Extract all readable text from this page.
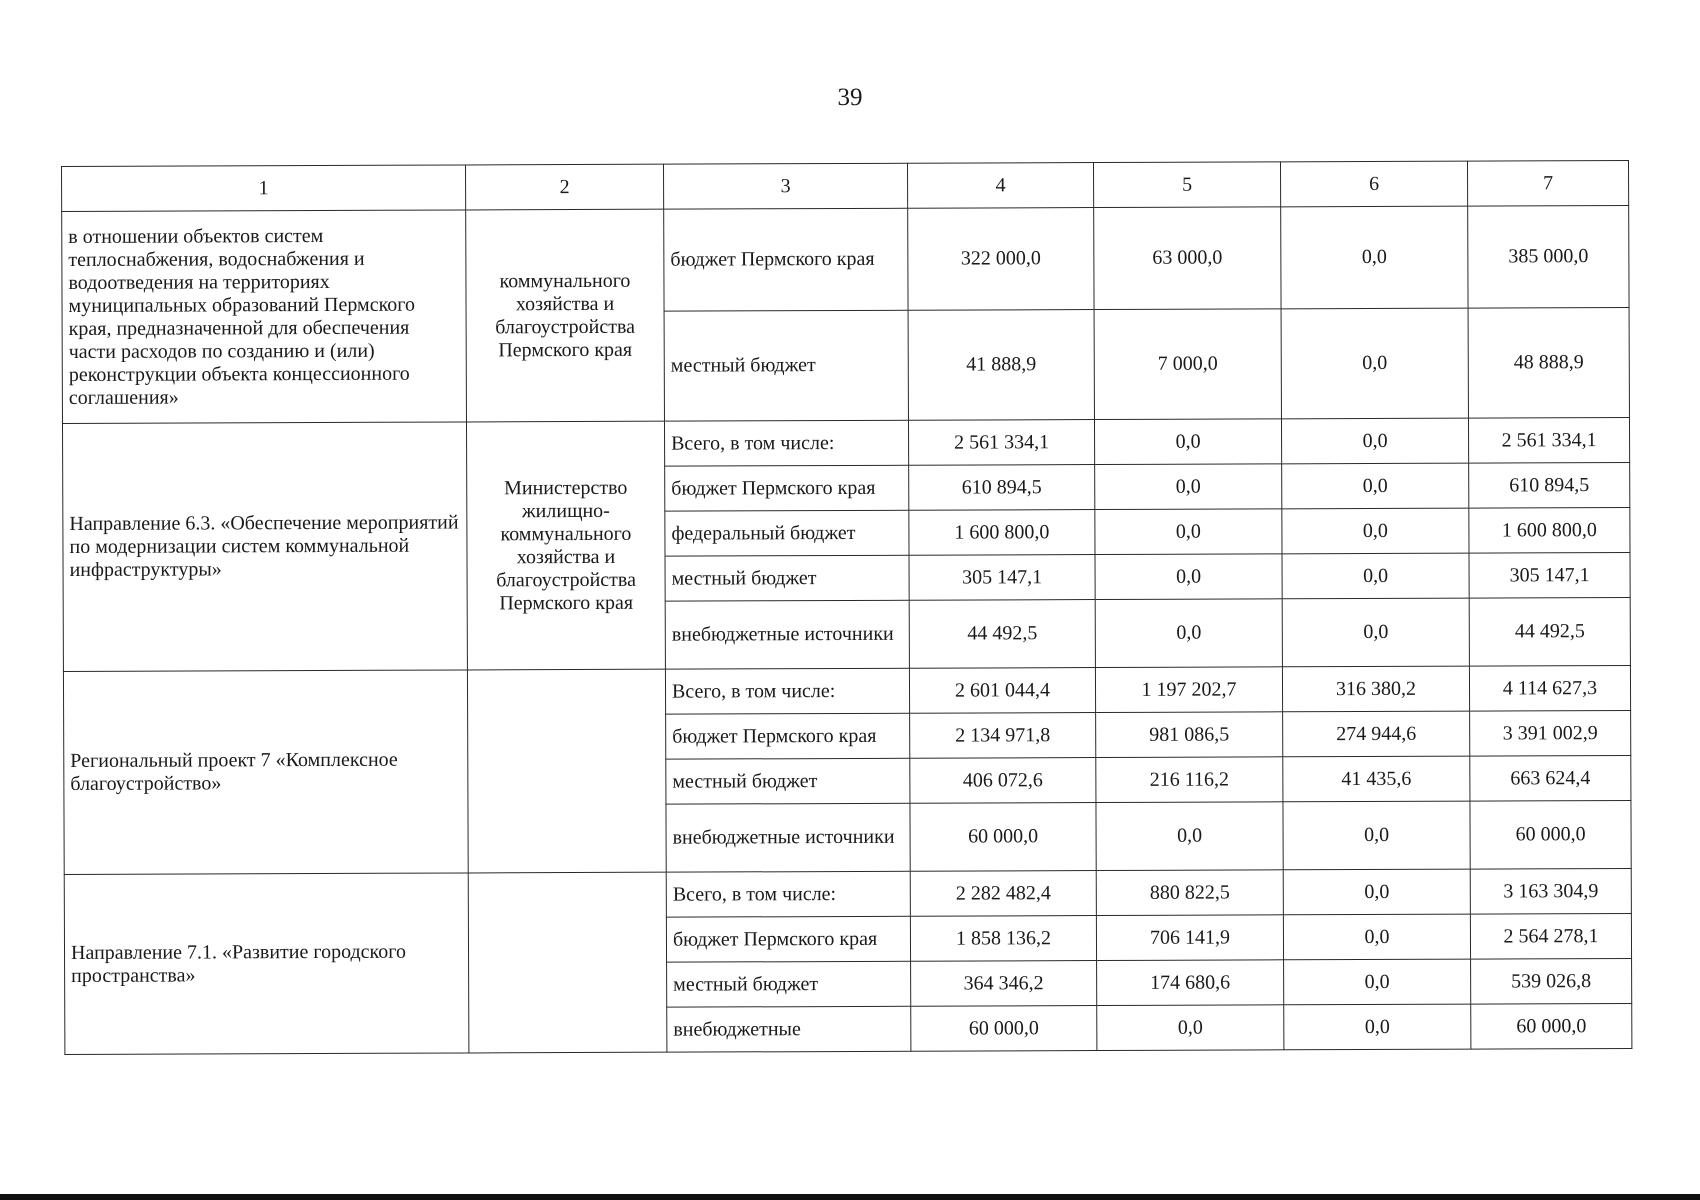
39
1	2	3	4	5	6	7
в отношении объектов систем теплоснабжения, водоснабжения и водоотведения на территориях муниципальных образований Пермского края, предназначенной для обеспечения части расходов по созданию и (или) реконструкции объекта концессионного соглашения»	коммунального хозяйства и благоустройства Пермского края	бюджет Пермского края	322 000,0	63 000,0	0,0	385 000,0
		местный бюджет	41 888,9	7 000,0	0,0	48 888,9
Направление 6.3. «Обеспечение мероприятий по модернизации систем коммунальной инфраструктуры»	Министерство жилищно-коммунального хозяйства и благоустройства Пермского края	Всего, в том числе:	2 561 334,1	0,0	0,0	2 561 334,1
		бюджет Пермского края	610 894,5	0,0	0,0	610 894,5
		федеральный бюджет	1 600 800,0	0,0	0,0	1 600 800,0
		местный бюджет	305 147,1	0,0	0,0	305 147,1
		внебюджетные источники	44 492,5	0,0	0,0	44 492,5
Региональный проект 7 «Комплексное благоустройство»		Всего, в том числе:	2 601 044,4	1 197 202,7	316 380,2	4 114 627,3
		бюджет Пермского края	2 134 971,8	981 086,5	274 944,6	3 391 002,9
		местный бюджет	406 072,6	216 116,2	41 435,6	663 624,4
		внебюджетные источники	60 000,0	0,0	0,0	60 000,0
Направление 7.1. «Развитие городского пространства»		Всего, в том числе:	2 282 482,4	880 822,5	0,0	3 163 304,9
		бюджет Пермского края	1 858 136,2	706 141,9	0,0	2 564 278,1
		местный бюджет	364 346,2	174 680,6	0,0	539 026,8
		внебюджетные	60 000,0	0,0	0,0	60 000,0
